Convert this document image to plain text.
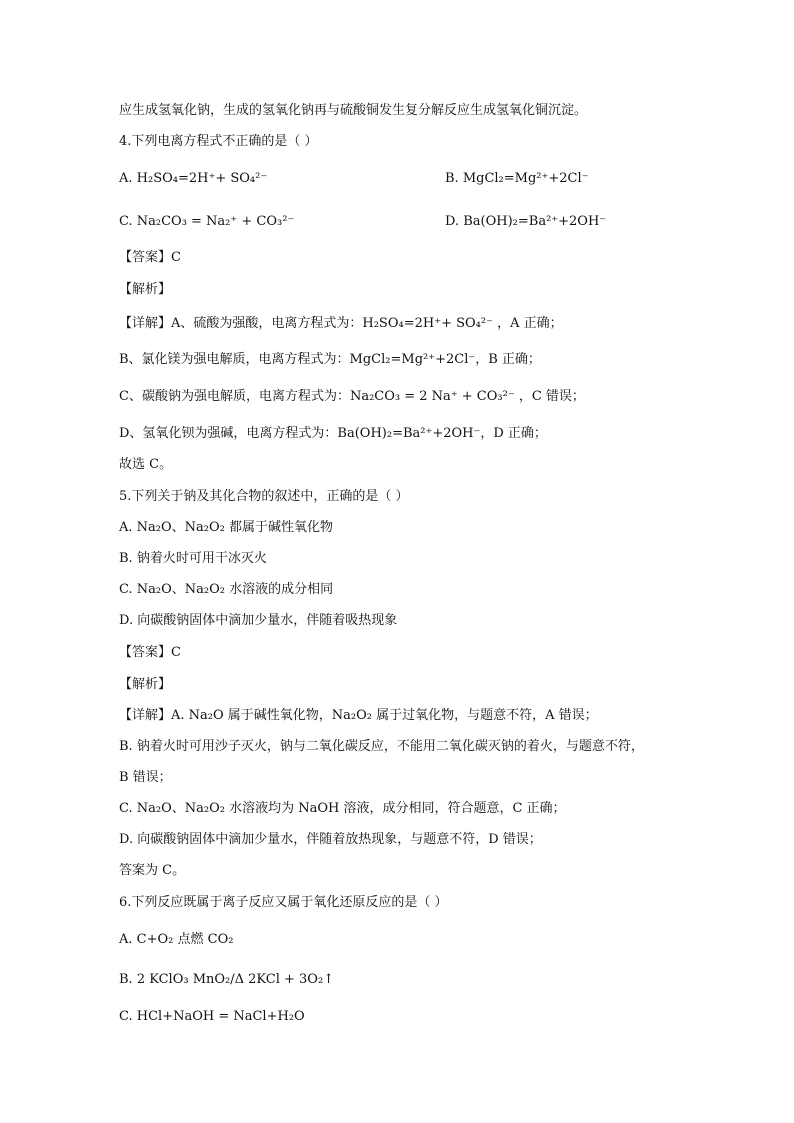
应生成氢氧化钠，生成的氢氧化钠再与硫酸铜发生复分解反应生成氢氧化铜沉淀。
4.下列电离方程式不正确的是（ ）
A. H₂SO₄=2H⁺+ SO₄²⁻	B. MgCl₂=Mg²⁺+2Cl⁻
C. Na₂CO₃ = Na₂⁺ + CO₃²⁻	D. Ba(OH)₂=Ba²⁺+2OH⁻
【答案】C
【解析】
【详解】A、硫酸为强酸，电离方程式为：H₂SO₄=2H⁺+ SO₄²⁻ ，A 正确；
B、氯化镁为强电解质，电离方程式为：MgCl₂=Mg²⁺+2Cl⁻，B 正确；
C、碳酸钠为强电解质，电离方程式为：Na₂CO₃ = 2 Na⁺ + CO₃²⁻ ，C 错误；
D、氢氧化钡为强碱，电离方程式为：Ba(OH)₂=Ba²⁺+2OH⁻，D 正确；
故选 C。
5.下列关于钠及其化合物的叙述中，正确的是（ ）
A. Na₂O、Na₂O₂ 都属于碱性氧化物
B. 钠着火时可用干冰灭火
C. Na₂O、Na₂O₂ 水溶液的成分相同
D. 向碳酸钠固体中滴加少量水，伴随着吸热现象
【答案】C
【解析】
【详解】A. Na₂O 属于碱性氧化物，Na₂O₂ 属于过氧化物，与题意不符，A 错误；
B. 钠着火时可用沙子灭火，钠与二氧化碳反应，不能用二氧化碳灭钠的着火，与题意不符，
B 错误；
C. Na₂O、Na₂O₂ 水溶液均为 NaOH 溶液，成分相同，符合题意，C 正确；
D. 向碳酸钠固体中滴加少量水，伴随着放热现象，与题意不符，D 错误；
答案为 C。
6.下列反应既属于离子反应又属于氧化还原反应的是（ ）
A. C+O₂ 点燃 CO₂
B. 2 KClO₃ MnO₂/Δ 2KCl + 3O₂↑
C. HCl+NaOH = NaCl+H₂O
